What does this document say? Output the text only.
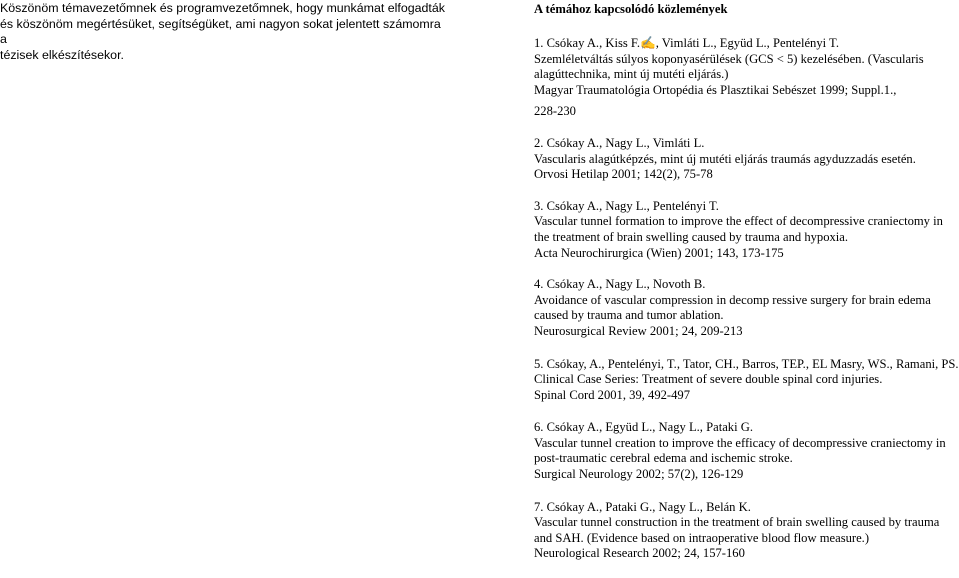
Köszönöm témavezetőmnek és programvezetőmnek, hogy munkámat elfogadták

és köszönöm megértésüket, segítségüket, ami nagyon sokat jelentett számomra a

tézisek elkészítésekor.

A témához kapcsolódó közlemények

1. Csókay A., Kiss F.✍, Vimláti L., Együd L., Pentelényi T.

Szemléletváltás súlyos koponyasérülések (GCS < 5) kezelésében. (Vascularis alagúttechnika, mint új mutéti eljárás.)

Magyar Traumatológia Ortopédia és Plasztikai Sebészet 1999; Suppl.1.,

228-230

2. Csókay A., Nagy L., Vimláti L.

Vascularis alagútképzés, mint új mutéti eljárás traumás agyduzzadás esetén.

Orvosi Hetilap 2001; 142(2), 75-78

3. Csókay A., Nagy L., Pentelényi T.

Vascular tunnel formation to improve the effect of decompressive craniectomy in the treatment of brain swelling caused by trauma and hypoxia.

Acta Neurochirurgica (Wien) 2001; 143, 173-175

4. Csókay A., Nagy L., Novoth B.

Avoidance of vascular compression in decomp ressive surgery for brain edema caused by trauma and tumor ablation.

Neurosurgical Review 2001; 24, 209-213

5. Csókay, A., Pentelényi, T., Tator, CH., Barros, TEP., EL Masry, WS., Ramani, PS.

Clinical Case Series: Treatment of severe double spinal cord injuries.

Spinal Cord 2001, 39, 492-497

6. Csókay A., Együd L., Nagy L., Pataki G.

Vascular tunnel creation to improve the efficacy of decompressive craniectomy in post-traumatic cerebral edema and ischemic stroke.

Surgical Neurology 2002; 57(2), 126-129

7. Csókay A., Pataki G., Nagy L., Belán K.

Vascular tunnel construction in the treatment of brain swelling caused by trauma and SAH. (Evidence based on intraoperative blood flow measure.)

Neurological Research 2002; 24, 157-160
